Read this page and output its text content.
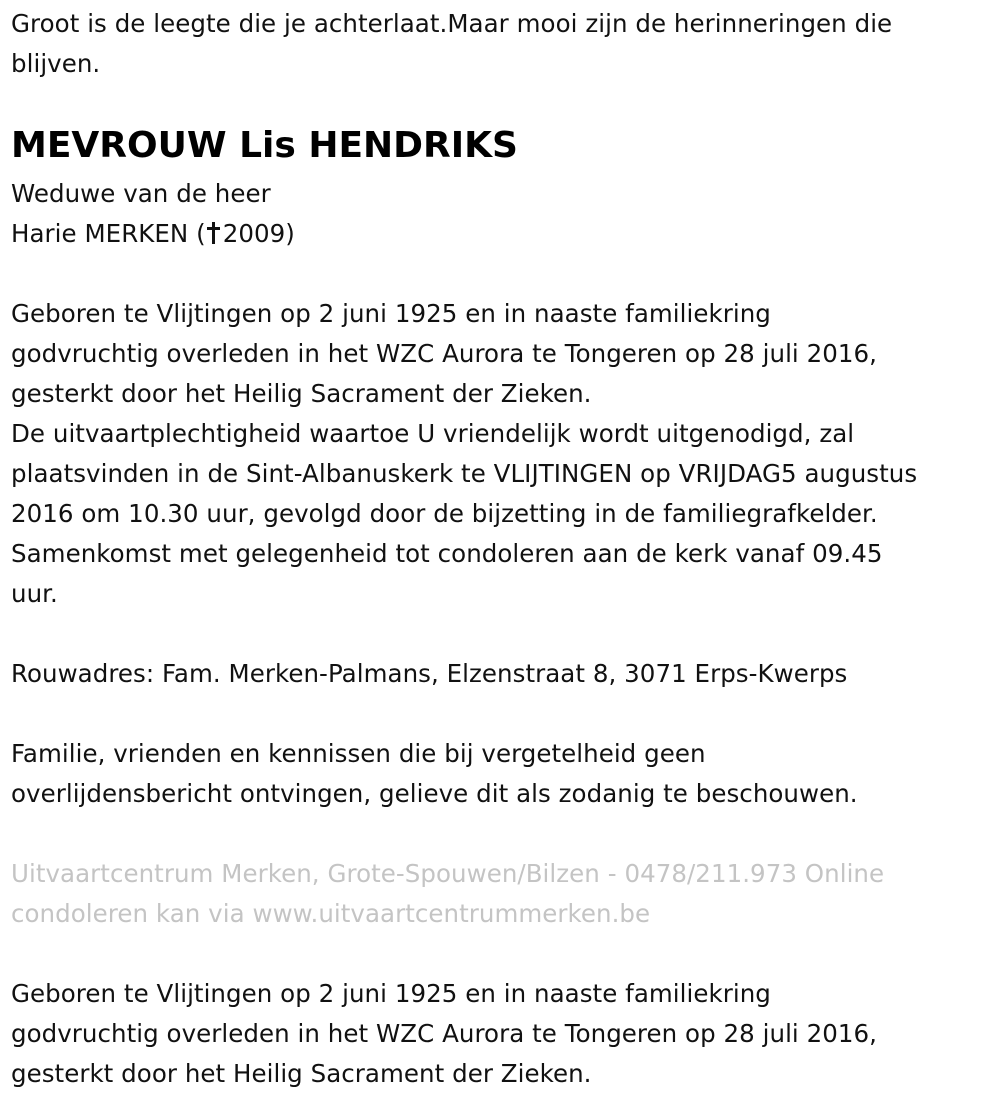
Groot is de leegte die je achterlaat.Maar mooi zijn de herinneringen die
blijven.

MEVROUW Lis HENDRIKS

Weduwe van de heer
Harie MERKEN ( 2009)

Geboren te Vlijtingen op 2 juni 1925 en in naaste familiekring
godvruchtig overleden in het WZC Aurora te Tongeren op 28 juli 2016,
gesterkt door het Heilig Sacrament der Zieken.
De uitvaartplechtigheid waartoe U vriendelijk wordt uitgenodigd, zal
plaatsvinden in de Sint-Albanuskerk te VLIJTINGEN op VRIJDAG5 augustus
2016 om 10.30 uur, gevolgd door de bijzetting in de familiegrafkelder.
Samenkomst met gelegenheid tot condoleren aan de kerk vanaf 09.45
uur.

Rouwadres: Fam. Merken-Palmans, Elzenstraat 8, 3071 Erps-Kwerps

Familie, vrienden en kennissen die bij vergetelheid geen
overlijdensbericht ontvingen, gelieve dit als zodanig te beschouwen.

Uitvaartcentrum Merken, Grote-Spouwen/Bilzen - 0478/211.973 Online
condoleren kan via www.uitvaartcentrummerken.be

Geboren te Vlijtingen op 2 juni 1925 en in naaste familiekring
godvruchtig overleden in het WZC Aurora te Tongeren op 28 juli 2016,
gesterkt door het Heilig Sacrament der Zieken.
